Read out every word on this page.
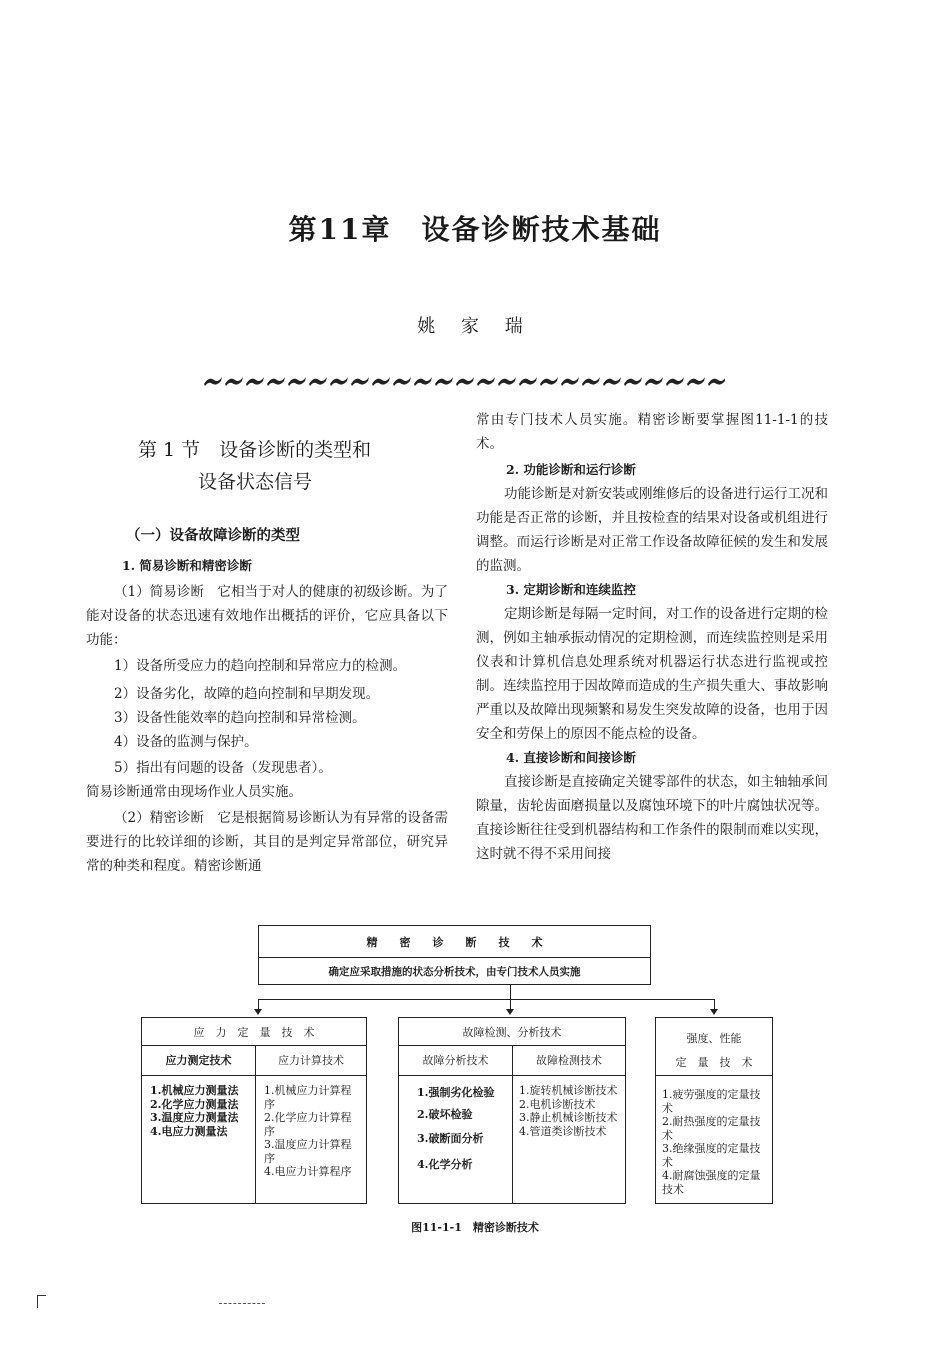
第11章　设备诊断技术基础
姚 家 瑞

第 1 节　设备诊断的类型和
设备状态信号

（一）设备故障诊断的类型

1. 简易诊断和精密诊断

（1）简易诊断　它相当于对人的健康的初级诊断。为了能对设备的状态迅速有效地作出概括的评价，它应具备以下功能：

1）设备所受应力的趋向控制和异常应力的检测。

2）设备劣化，故障的趋向控制和早期发现。

3）设备性能效率的趋向控制和异常检测。

4）设备的监测与保护。

5）指出有问题的设备（发现患者）。

简易诊断通常由现场作业人员实施。

（2）精密诊断　它是根据简易诊断认为有异常的设备需要进行的比较详细的诊断，其目的是判定异常部位，研究异常的种类和程度。精密诊断通

常由专门技术人员实施。精密诊断要掌握图11-1-1的技术。

2. 功能诊断和运行诊断

功能诊断是对新安装或刚维修后的设备进行运行工况和功能是否正常的诊断，并且按检查的结果对设备或机组进行调整。而运行诊断是对正常工作设备故障征候的发生和发展的监测。

3. 定期诊断和连续监控

定期诊断是每隔一定时间，对工作的设备进行定期的检测，例如主轴承振动情况的定期检测，而连续监控则是采用仪表和计算机信息处理系统对机器运行状态进行监视或控制。连续监控用于因故障而造成的生产损失重大、事故影响严重以及故障出现频繁和易发生突发故障的设备，也用于因安全和劳保上的原因不能点检的设备。

4. 直接诊断和间接诊断

直接诊断是直接确定关键零部件的状态，如主轴轴承间隙量，齿轮齿面磨损量以及腐蚀环境下的叶片腐蚀状况等。直接诊断往往受到机器结构和工作条件的限制而难以实现，这时就不得不采用间接

精　　密　　诊　　断　　技　　术
确定应采取措施的状态分析技术，由专门技术人员实施
应　力　定　量　技　术
应力测定技术	应力计算技术
1.机械应力测量法
2.化学应力测量法
3.温度应力测量法
4.电应力测量法
1.机械应力计算程序
2.化学应力计算程序
3.温度应力计算程序
4.电应力计算程序
故障检测、分析技术
故障分析技术	故障检测技术
1.强制劣化检验
2.破坏检验
3.破断面分析
4.化学分析
1.旋转机械诊断技术
2.电机诊断技术
3.静止机械诊断技术
4.管道类诊断技术
强度、性能
定　量　技　术
1.疲劳强度的定量技术
2.耐热强度的定量技术
3.绝缘强度的定量技术
4.耐腐蚀强度的定量技术
图11-1-1　精密诊断技术
